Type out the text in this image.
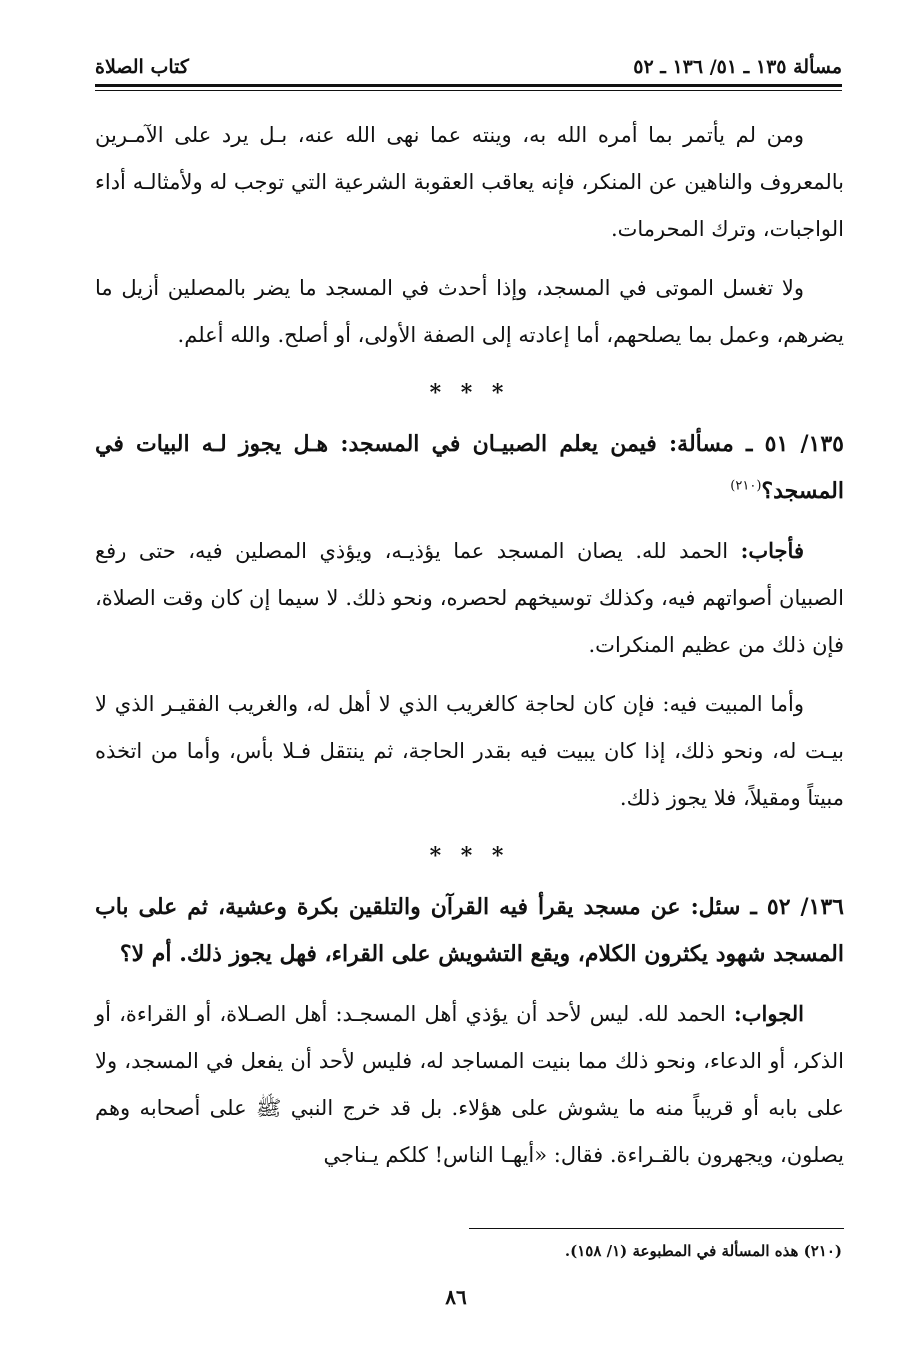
مسألة ١٣٥ ـ ٥١/ ١٣٦ ـ ٥٢
كتاب الصلاة

ومن لم يأتمر بما أمره الله به، وينته عما نهى الله عنه، بـل يرد على الآمـرين بالمعروف والناهين عن المنكر، فإنه يعاقب العقوبة الشرعية التي توجب له ولأمثالـه أداء الواجبات، وترك المحرمات.

ولا تغسل الموتى في المسجد، وإذا أحدث في المسجد ما يضر بالمصلين أزيل ما يضرهم، وعمل بما يصلحهم، أما إعادته إلى الصفة الأولى، أو أصلح. والله أعلم.

* * *

١٣٥/ ٥١ ـ مسألة: فيمن يعلم الصبيـان في المسجد: هـل يجوز لـه البيات في المسجد؟$^{(٢١٠)}$

فأجاب: الحمد لله. يصان المسجد عما يؤذيـه، ويؤذي المصلين فيه، حتى رفع الصبيان أصواتهم فيه، وكذلك توسيخهم لحصره، ونحو ذلك. لا سيما إن كان وقت الصلاة، فإن ذلك من عظيم المنكرات.

وأما المبيت فيه: فإن كان لحاجة كالغريب الذي لا أهل له، والغريب الفقيـر الذي لا بيـت له، ونحو ذلك، إذا كان يبيت فيه بقدر الحاجة، ثم ينتقل فـلا بأس، وأما من اتخذه مبيتاً ومقيلاً، فلا يجوز ذلك.

* * *

١٣٦/ ٥٢ ـ سئل: عن مسجد يقرأ فيه القرآن والتلقين بكرة وعشية، ثم على باب المسجد شهود يكثرون الكلام، ويقع التشويش على القراء، فهل يجوز ذلك. أم لا؟

الجواب: الحمد لله. ليس لأحد أن يؤذي أهل المسجـد: أهل الصـلاة، أو القراءة، أو الذكر، أو الدعاء، ونحو ذلك مما بنيت المساجد له، فليس لأحد أن يفعل في المسجد، ولا على بابه أو قريباً منه ما يشوش على هؤلاء. بل قد خرج النبي ﷺ على أصحابه وهم يصلون، ويجهرون بالقـراءة. فقال: «أيهـا الناس! كلكم يـناجي

(٢١٠) هذه المسألة في المطبوعة (١/ ١٥٨).
٨٦
